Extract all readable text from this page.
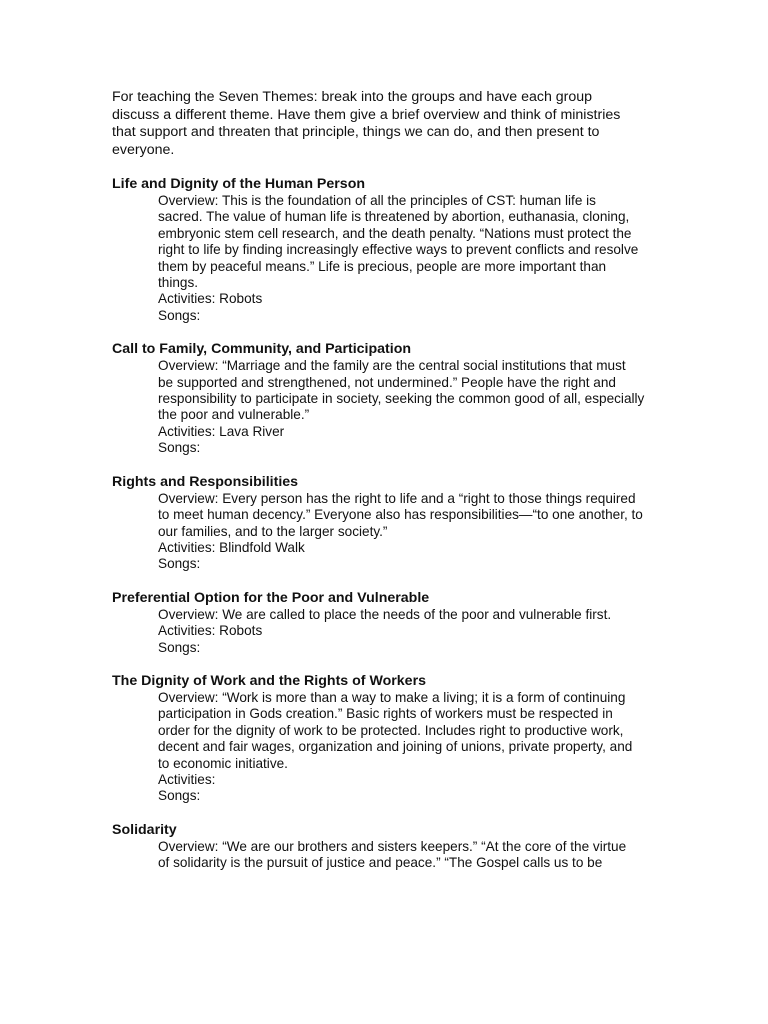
For teaching the Seven Themes: break into the groups and have each group
discuss a different theme. Have them give a brief overview and think of ministries
that support and threaten that principle, things we can do, and then present to
everyone.

Life and Dignity of the Human Person

Overview: This is the foundation of all the principles of CST: human life is
sacred. The value of human life is threatened by abortion, euthanasia, cloning,
embryonic stem cell research, and the death penalty. “Nations must protect the
right to life by finding increasingly effective ways to prevent conflicts and resolve
them by peaceful means.” Life is precious, people are more important than
things.

Activities: Robots

Songs:

Call to Family, Community, and Participation

Overview: “Marriage and the family are the central social institutions that must
be supported and strengthened, not undermined.” People have the right and
responsibility to participate in society, seeking the common good of all, especially
the poor and vulnerable.”

Activities: Lava River

Songs:

Rights and Responsibilities

Overview: Every person has the right to life and a “right to those things required
to meet human decency.” Everyone also has responsibilities—“to one another, to
our families, and to the larger society.”

Activities: Blindfold Walk

Songs:

Preferential Option for the Poor and Vulnerable

Overview: We are called to place the needs of the poor and vulnerable first.

Activities: Robots

Songs:

The Dignity of Work and the Rights of Workers

Overview: “Work is more than a way to make a living; it is a form of continuing
participation in Gods creation.” Basic rights of workers must be respected in
order for the dignity of work to be protected. Includes right to productive work,
decent and fair wages, organization and joining of unions, private property, and
to economic initiative.

Activities:

Songs:

Solidarity

Overview: “We are our brothers and sisters keepers.” “At the core of the virtue
of solidarity is the pursuit of justice and peace.” “The Gospel calls us to be
